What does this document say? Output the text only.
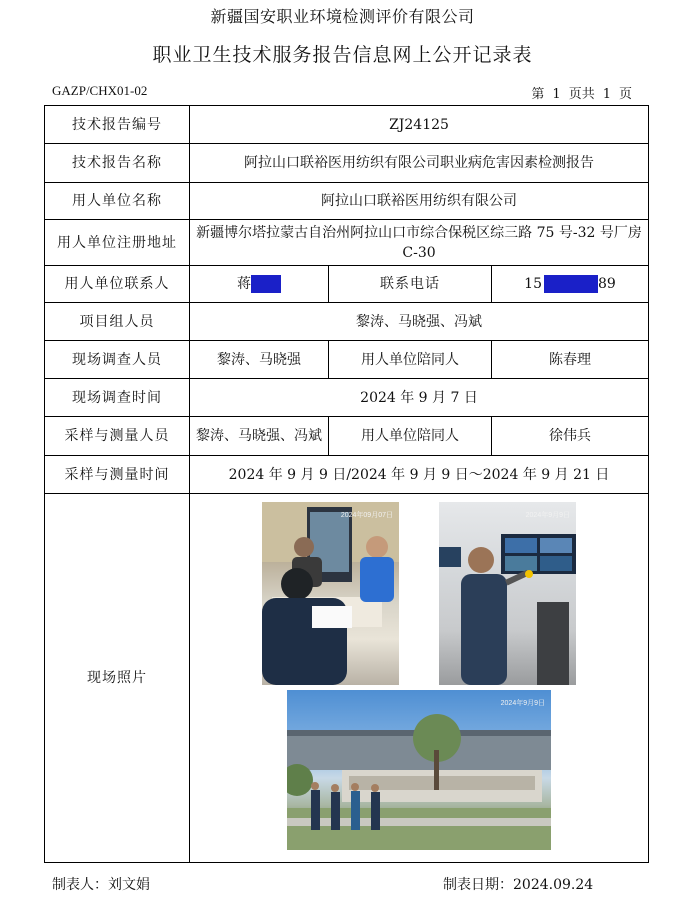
新疆国安职业环境检测评价有限公司
职业卫生技术服务报告信息网上公开记录表
GAZP/CHX01-02	第 1 页共 1 页
技术报告编号	ZJ24125		
技术报告名称	阿拉山口联裕医用纺织有限公司职业病危害因素检测报告		
用人单位名称	阿拉山口联裕医用纺织有限公司		
用人单位注册地址	新疆博尔塔拉蒙古自治州阿拉山口市综合保税区综三路 75 号-32 号厂房 C-30		
用人单位联系人	蒋	联系电话	15 89
项目组人员	黎涛、马晓强、冯斌		
现场调查人员	黎涛、马晓强	用人单位陪同人	陈春理
现场调查时间	2024 年 9 月 7 日		
采样与测量人员	黎涛、马晓强、冯斌	用人单位陪同人	徐伟兵
采样与测量时间	2024 年 9 月 9 日/2024 年 9 月 9 日～2024 年 9 月 21 日		
现场照片	2024年09月07日 2024年9月9日
2024年9月9日		
制表人：刘文娟	制表日期：2024.09.24
